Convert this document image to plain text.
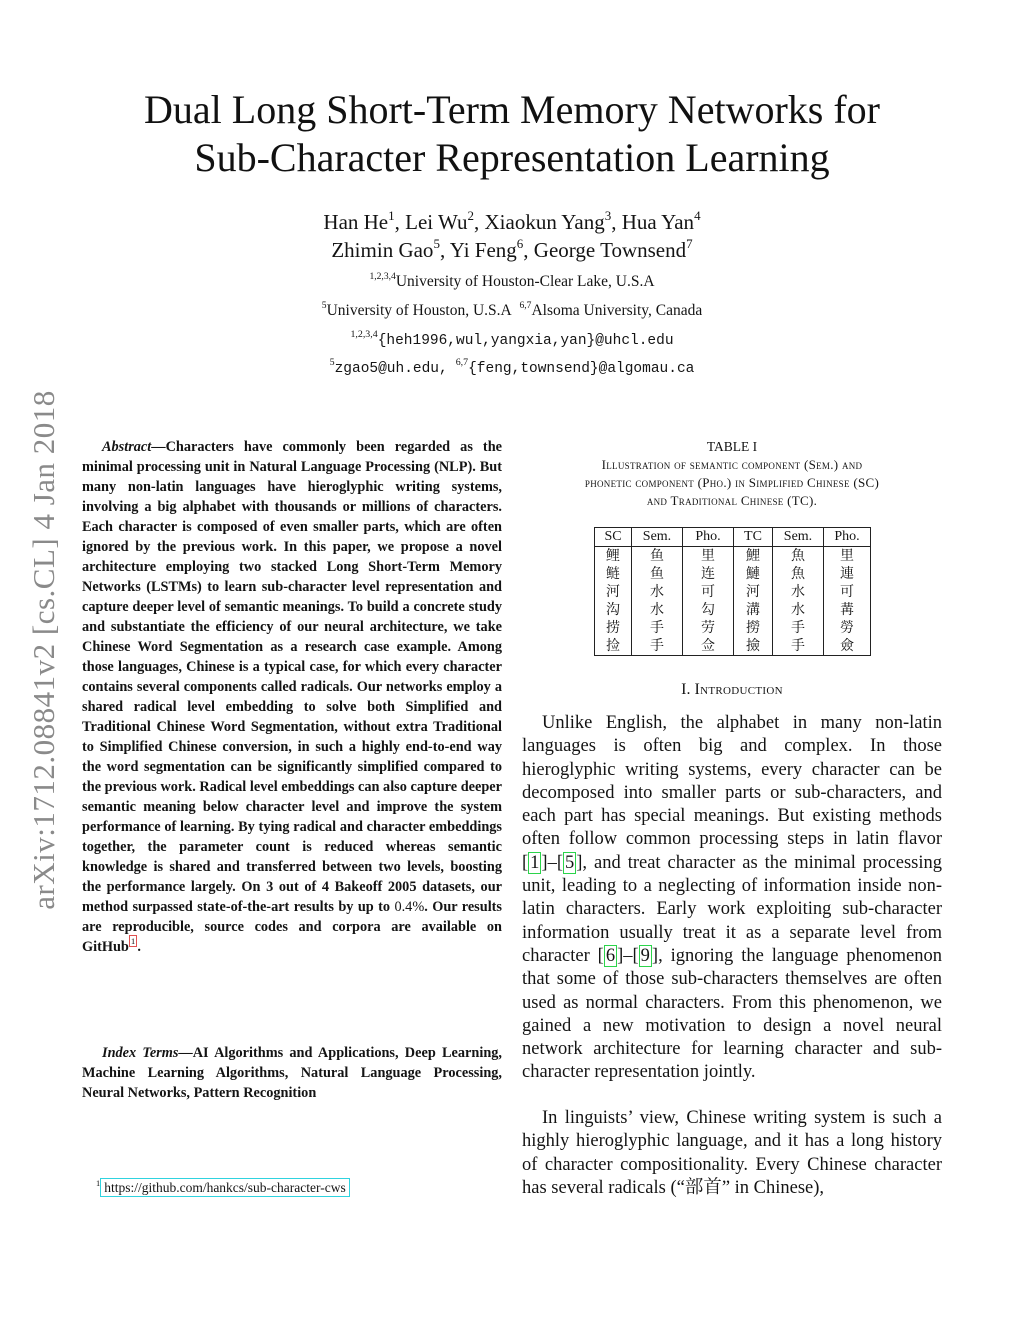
Dual Long Short-Term Memory Networks for
Sub-Character Representation Learning
Han He$^1$, Lei Wu$^2$, Xiaokun Yang$^3$, Hua Yan$^4$
Zhimin Gao$^5$, Yi Feng$^6$, George Townsend$^7$
$^{1,2,3,4}$University of Houston-Clear Lake, U.S.A
$^5$University of Houston, U.S.A $^{6,7}$Alsoma University, Canada
$^{1,2,3,4}${heh1996,wul,yangxia,yan}@uhcl.edu
$^5$zgao5@uh.edu, $^{6,7}${feng,townsend}@algomau.ca
arXiv:1712.08841v2 [cs.CL] 4 Jan 2018	Abstract—Characters have commonly been regarded as the minimal processing unit in Natural Language Processing (NLP). But many non-latin languages have hieroglyphic writing systems, involving a big alphabet with thousands or millions of characters. Each character is composed of even smaller parts, which are often ignored by the previous work. In this paper, we propose a novel architecture employing two stacked Long Short-Term Memory Networks (LSTMs) to learn sub-character level representation and capture deeper level of semantic meanings. To build a concrete study and substantiate the efficiency of our neural architecture, we take Chinese Word Segmentation as a research case example. Among those languages, Chinese is a typical case, for which every character contains several components called radicals. Our networks employ a shared radical level embedding to solve both Simplified and Traditional Chinese Word Segmentation, without extra Traditional to Simplified Chinese conversion, in such a highly end-to-end way the word segmentation can be significantly simplified compared to the previous work. Radical level embeddings can also capture deeper semantic meaning below character level and improve the system performance of learning. By tying radical and character embeddings together, the parameter count is reduced whereas semantic knowledge is shared and transferred between two levels, boosting the performance largely. On 3 out of 4 Bakeoff 2005 datasets, our method surpassed state-of-the-art results by up to 0.4%. Our results are reproducible, source codes and corpora are available on GitHub $^1$ .

Index Terms—AI Algorithms and Applications, Deep Learning, Machine Learning Algorithms, Natural Language Processing, Neural Networks, Pattern Recognition

$^1$ https://github.com/hankcs/sub-character-cws
TABLE I
Illustration of semantic component (Sem.) and
phonetic component (Pho.) in Simplified Chinese (SC)
and Traditional Chinese (TC).
SC	Sem.	Pho.	TC	Sem.	Pho.
鲤	鱼	里	鯉	魚	里
鲢	鱼	连	鰱	魚	連
河	水	可	河	水	可
沟	水	勾	溝	水	冓
捞	手	劳	撈	手	勞
捡	手	佥	撿	手	僉
I. Introduction

Unlike English, the alphabet in many non-latin languages is often big and complex. In those hieroglyphic writing systems, every character can be decomposed into smaller parts or sub-characters, and each part has special meanings. But existing methods often follow common processing steps in latin flavor [ 1 ]–[ 5 ], and treat character as the minimal processing unit, leading to a neglecting of information inside non-latin characters. Early work exploiting sub-character information usually treat it as a separate level from character [ 6 ]–[ 9 ], ignoring the language phenomenon that some of those sub-characters themselves are often used as normal characters. From this phenomenon, we gained a new motivation to design a novel neural network architecture for learning character and sub-character representation jointly.

In linguists’ view, Chinese writing system is such a highly hieroglyphic language, and it has a long history of character compositionality. Every Chinese character has several radicals (“部首” in Chinese),
